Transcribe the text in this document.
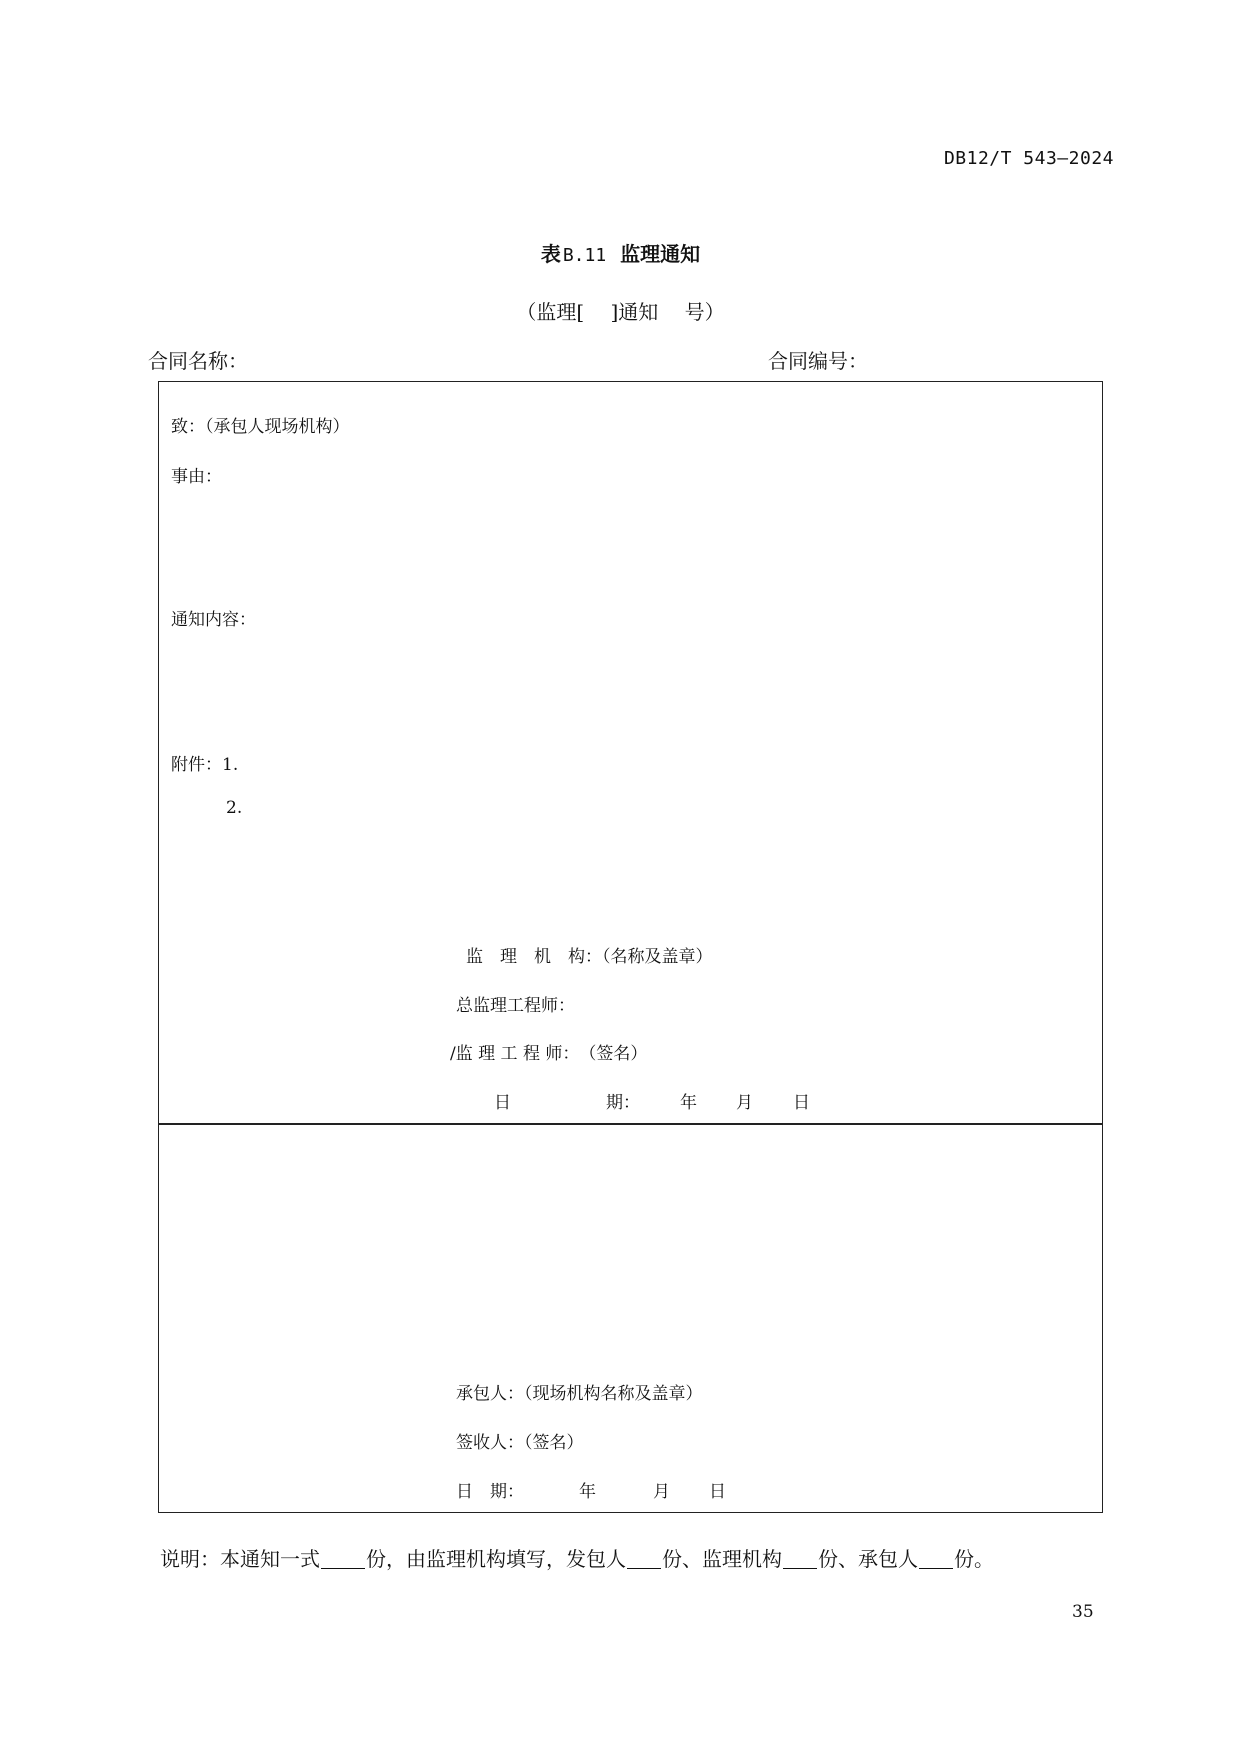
DB12/T 543—2024
表 B.11 监理通知
（监理[　 ]通知　 号）
合同名称：	合同编号：
致：（承包人现场机构）
事由：
通知内容：
附件：1.
2.
监　理　机　构：（名称及盖章）
总监理工程师：
/监 理 工 程 师：　（签名）
日	期： 年 月 日
承包人：（现场机构名称及盖章）
签收人：（签名）
日　期：	年	月 日
说明：本通知一式 份，由监理机构填写，发包人 份、监理机构 份、承包人 份。
35
